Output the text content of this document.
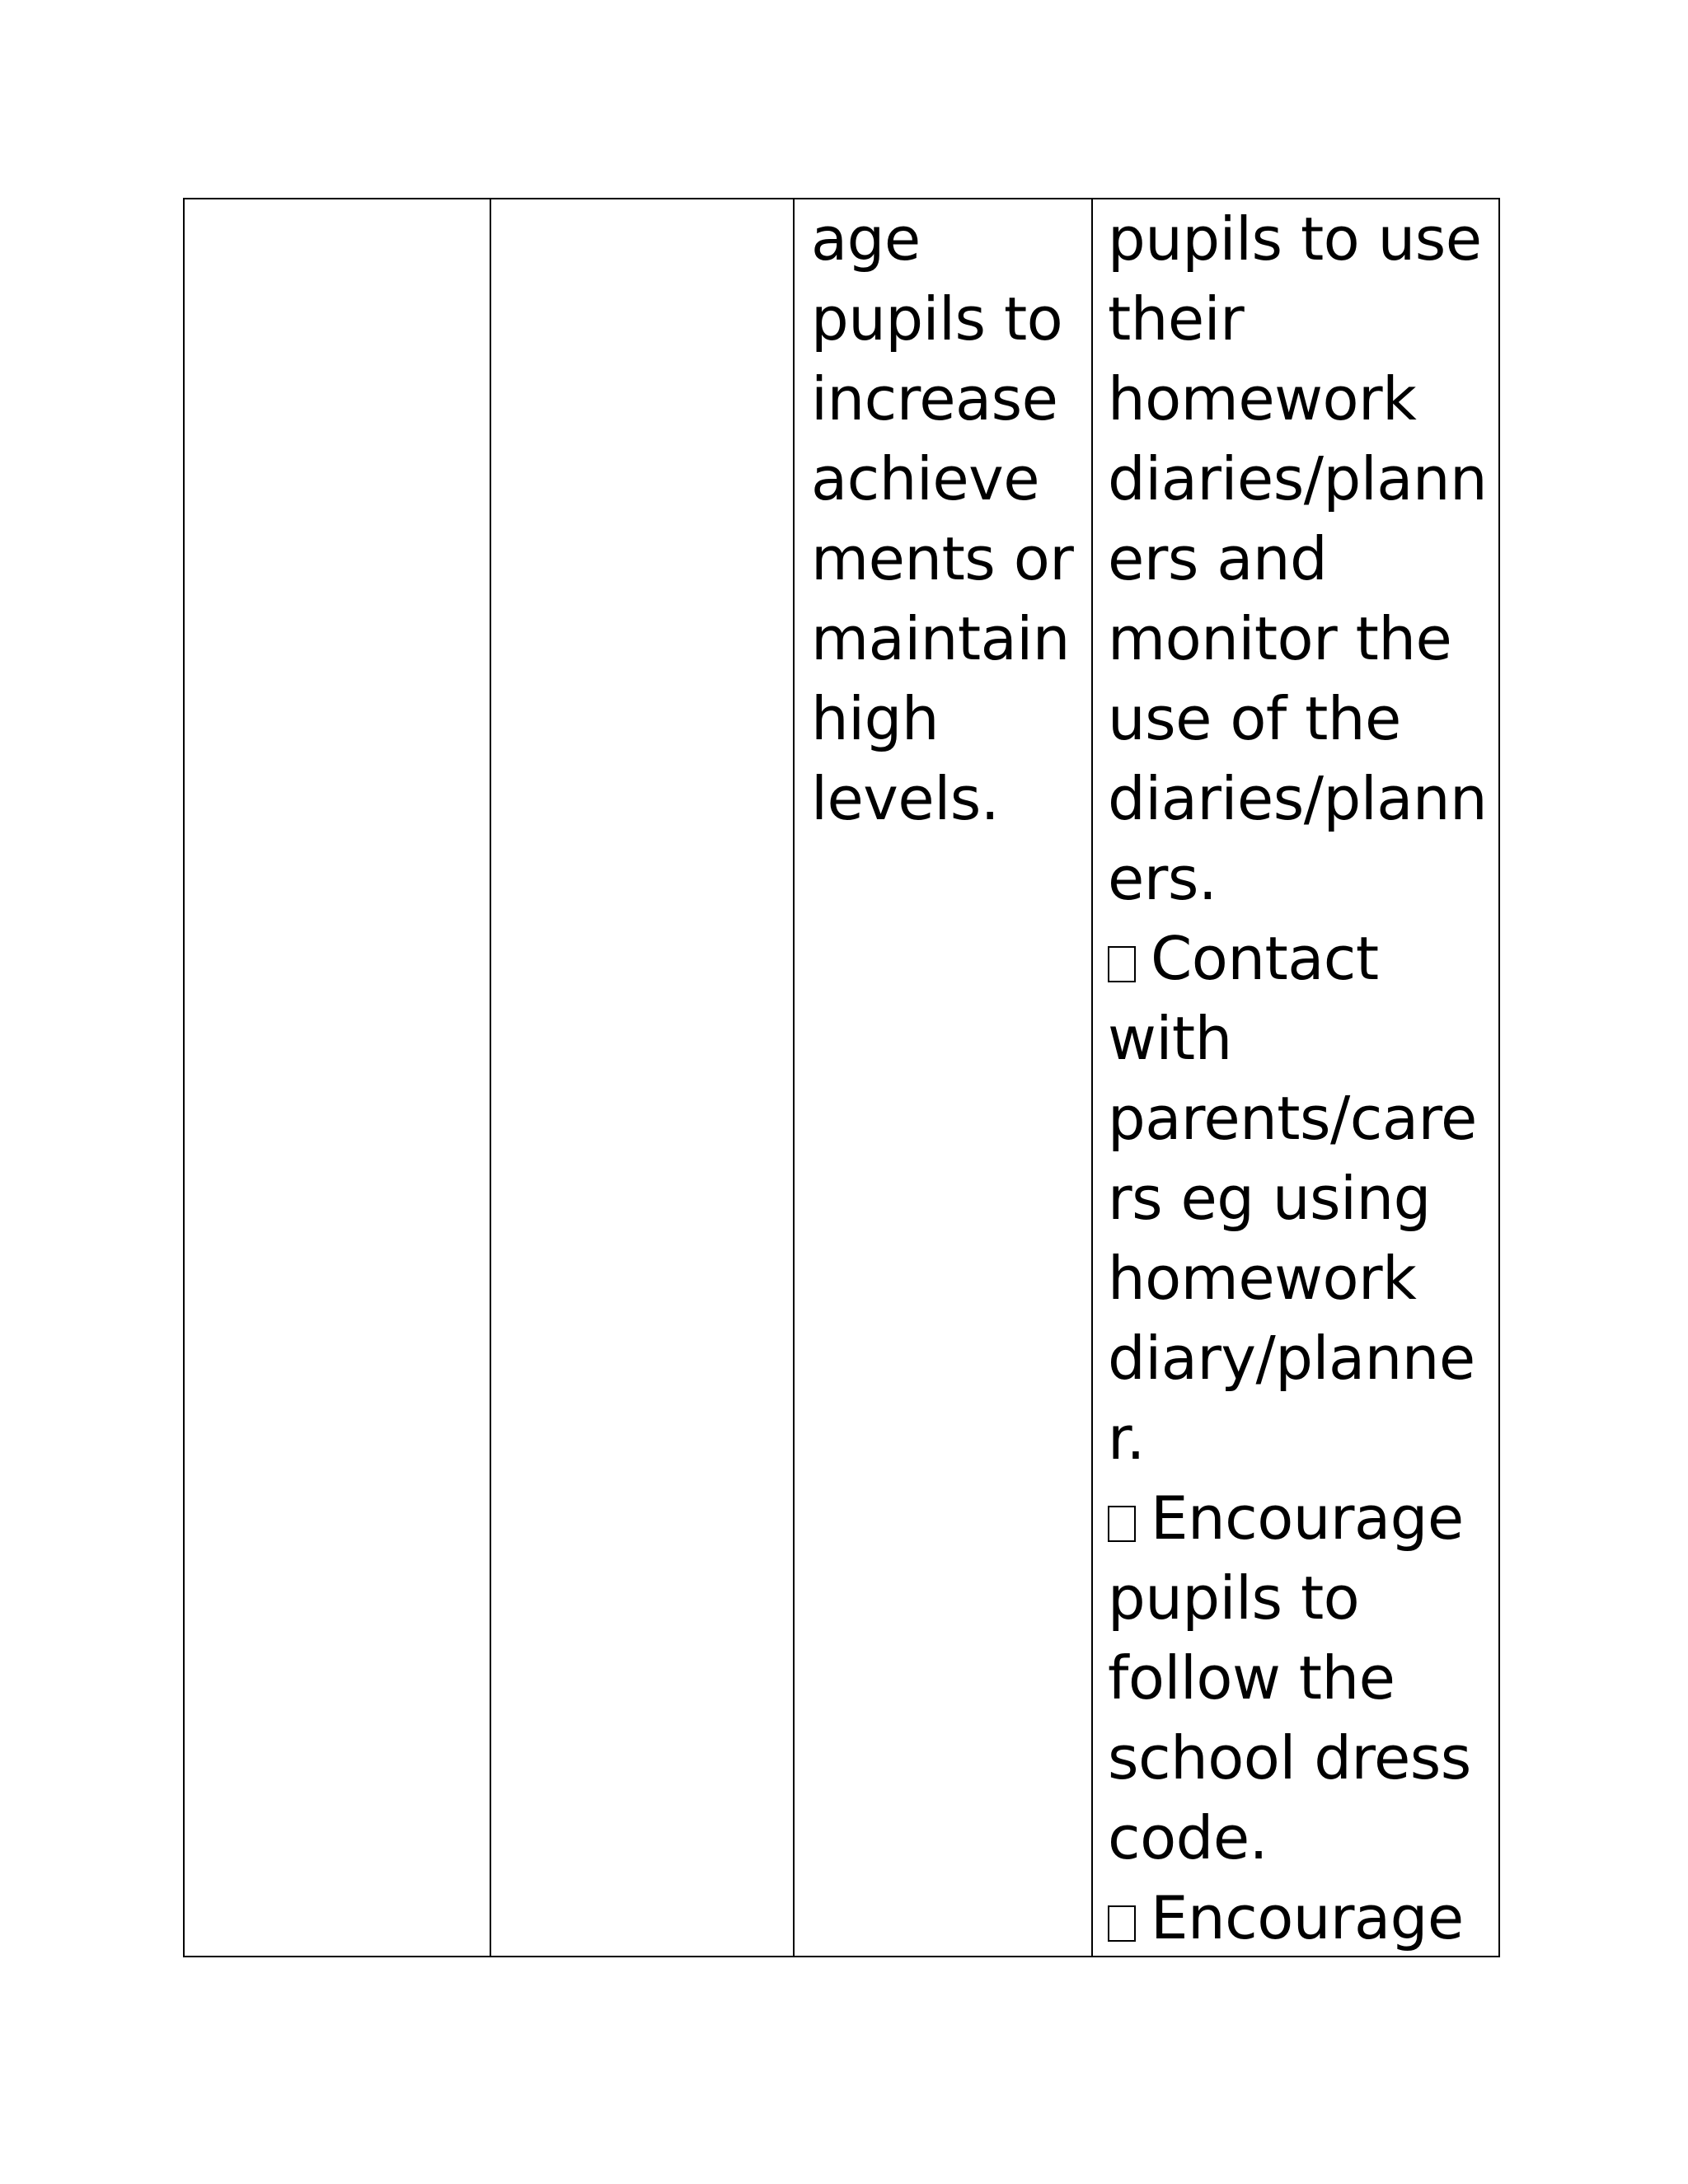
age
pupils to
increase
achieve
ments or
maintain
high
levels.
pupils to use
their
homework
diaries/plann
ers and
monitor the
use of the
diaries/plann
ers.
Contact
with
parents/care
rs eg using
homework
diary/planne
r.
Encourage
pupils to
follow the
school dress
code.
Encourage
